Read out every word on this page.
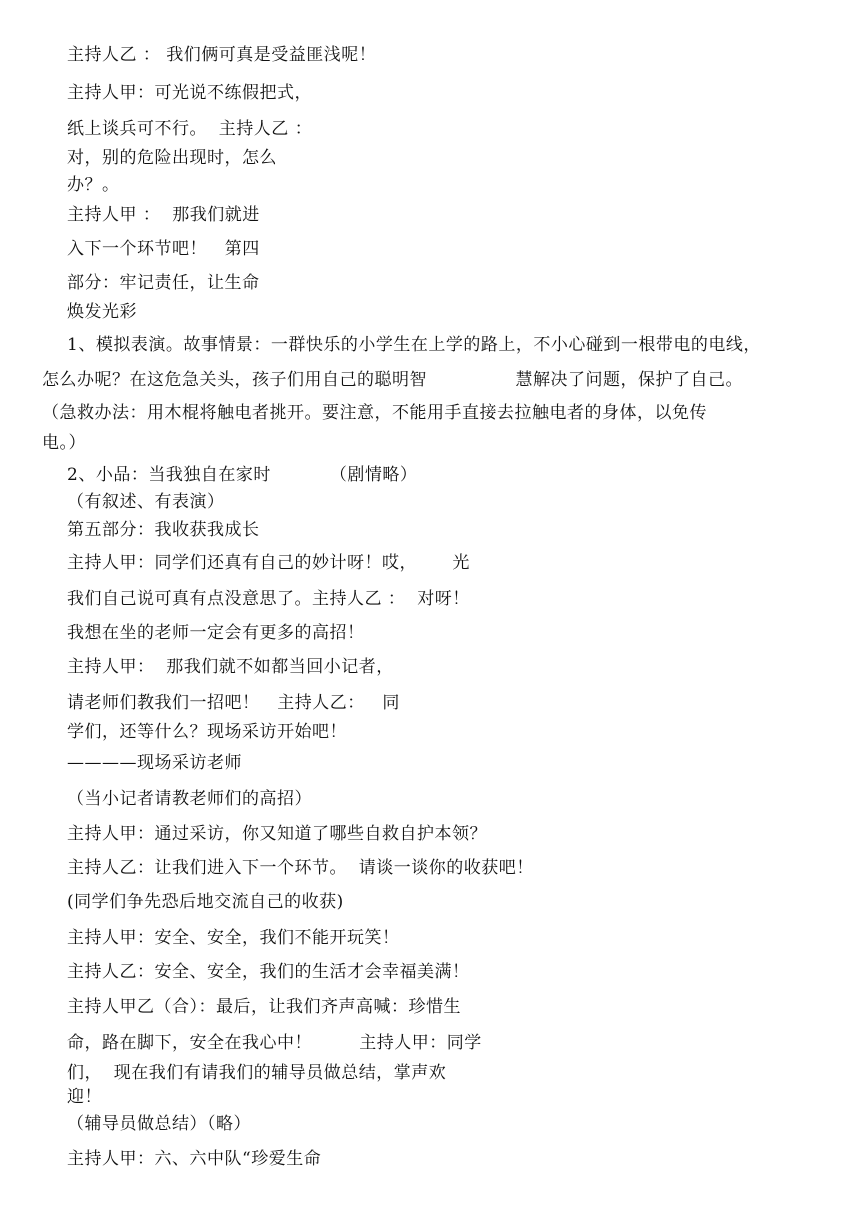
主持人乙 ： 我们俩可真是受益匪浅呢！
主持人甲：可光说不练假把式，
纸上谈兵可不行。  主持人乙 ：
对，别的危险出现时，怎么
办？。
主持人甲 ：  那我们就进
入下一个环节吧！   第四
部分：牢记责任，让生命
焕发光彩
1、模拟表演。故事情景：一群快乐的小学生在上学的路上，不小心碰到一根带电的电线，
怎么办呢？在这危急关头，孩子们用自己的聪明智               慧解决了问题，保护了自己。
（急救办法：用木棍将触电者挑开。要注意，不能用手直接去拉触电者的身体，以免传
电。）
2、小品：当我独自在家时          （剧情略）
（有叙述、有表演）
第五部分：我收获我成长
主持人甲：同学们还真有自己的妙计呀！哎，      光
我们自己说可真有点没意思了。主持人乙 ：  对呀！
我想在坐的老师一定会有更多的高招！
主持人甲：  那我们就不如都当回小记者，
请老师们教我们一招吧！   主持人乙：   同
学们，还等什么？现场采访开始吧！
————现场采访老师
（当小记者请教老师们的高招）
主持人甲：通过采访，你又知道了哪些自救自护本领？
主持人乙：让我们进入下一个环节。  请谈一谈你的收获吧！
(同学们争先恐后地交流自己的收获)
主持人甲：安全、安全，我们不能开玩笑！
主持人乙：安全、安全，我们的生活才会幸福美满！
主持人甲乙（合）：最后，让我们齐声高喊：珍惜生
命，路在脚下，安全在我心中！        主持人甲：同学
们，  现在我们有请我们的辅导员做总结，掌声欢
迎！
（辅导员做总结）（略）
主持人甲：六、六中队“珍爱生命
